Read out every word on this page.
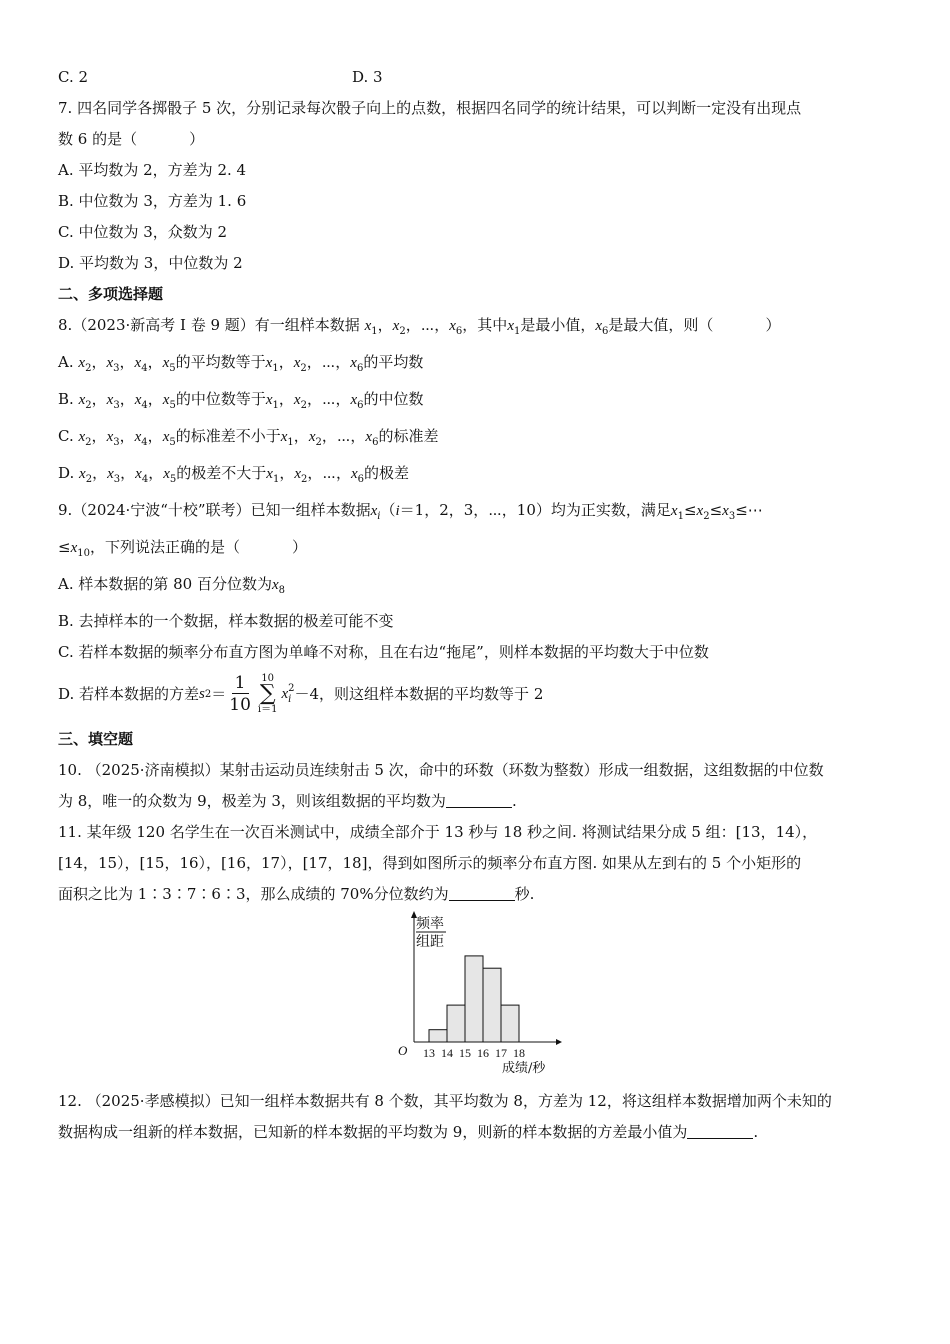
C. 2	D. 3
7. 四名同学各掷骰子 5 次，分别记录每次骰子向上的点数，根据四名同学的统计结果，可以判断一定没有出现点
数 6 的是（	）
A. 平均数为 2，方差为 2. 4
B. 中位数为 3，方差为 1. 6
C. 中位数为 3，众数为 2
D. 平均数为 3，中位数为 2
二、多项选择题
8.（2023·新高考 Ⅰ 卷 9 题）有一组样本数据 $x_1$，$x_2$，⋯，$x_6$，其中$x_1$是最小值，$x_6$是最大值，则（	）
A. $x_2$，$x_3$，$x_4$，$x_5$的平均数等于$x_1$，$x_2$，⋯，$x_6$的平均数
B. $x_2$，$x_3$，$x_4$，$x_5$的中位数等于$x_1$，$x_2$，⋯，$x_6$的中位数
C. $x_2$，$x_3$，$x_4$，$x_5$的标准差不小于$x_1$，$x_2$，⋯，$x_6$的标准差
D. $x_2$，$x_3$，$x_4$，$x_5$的极差不大于$x_1$，$x_2$，⋯，$x_6$的极差
9.（2024·宁波“十校”联考）已知一组样本数据$x_i(i=1$，2，3，⋯，10）均为正实数，满足$x_1\le x_2\le x_3\le\cdots$
$\le x_{10}$，下列说法正确的是（	）
A. 样本数据的第 80 百分位数为$x_8$
B. 去掉样本的一个数据，样本数据的极差可能不变
C. 若样本数据的频率分布直方图为单峰不对称，且在右边“拖尾”，则样本数据的平均数大于中位数
D. 若样本数据的方差 s $2 = \frac{1}{10} 10$
∑
i＝1
x 2
i －4，则这组样本数据的平均数等于 2
三、填空题
10. （2025·济南模拟）某射击运动员连续射击 5 次，命中的环数（环数为整数）形成一组数据，这组数据的中位数
为 8，唯一的众数为 9，极差为 3，则该组数据的平均数为	.
11. 某年级 120 名学生在一次百米测试中，成绩全部介于 13 秒与 18 秒之间. 将测试结果分成 5 组：[13，14），
[14，15），[15，16），[16，17），[17，18]，得到如图所示的频率分布直方图. 如果从左到右的 5 个小矩形的
面积之比为 1∶3∶7∶6∶3，那么成绩的 70%分位数约为	秒.
13 14 15 16 17 18
频率
组距
O
成绩/秒
12. （2025·孝感模拟）已知一组样本数据共有 8 个数，其平均数为 8，方差为 12，将这组样本数据增加两个未知的
数据构成一组新的样本数据，已知新的样本数据的平均数为 9，则新的样本数据的方差最小值为	.
